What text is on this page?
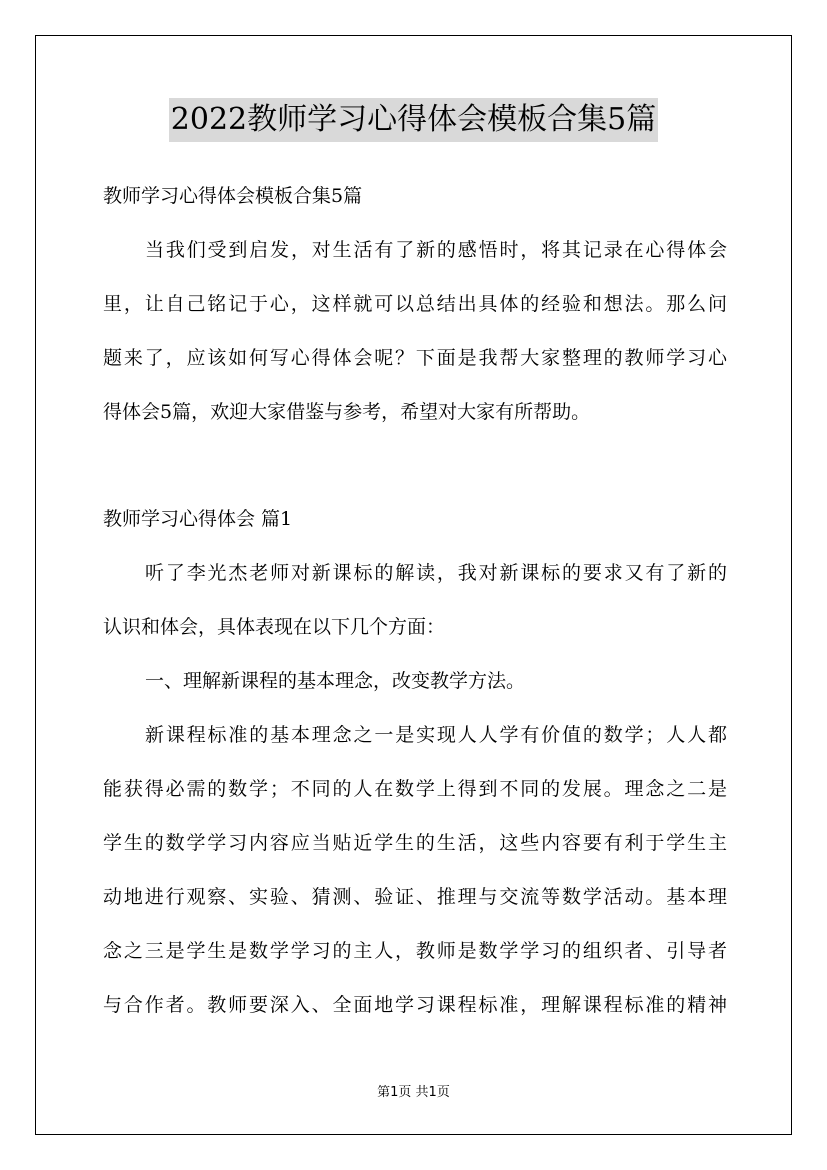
2022教师学习心得体会模板合集5篇
教师学习心得体会模板合集5篇
当我们受到启发，对生活有了新的感悟时，将其记录在心得体会
里，让自己铭记于心，这样就可以总结出具体的经验和想法。那么问
题来了，应该如何写心得体会呢？下面是我帮大家整理的教师学习心
得体会5篇，欢迎大家借鉴与参考，希望对大家有所帮助。
教师学习心得体会 篇1
听了李光杰老师对新课标的解读，我对新课标的要求又有了新的
认识和体会，具体表现在以下几个方面：
一、理解新课程的基本理念，改变教学方法。
新课程标准的基本理念之一是实现人人学有价值的数学；人人都
能获得必需的数学；不同的人在数学上得到不同的发展。理念之二是
学生的数学学习内容应当贴近学生的生活，这些内容要有利于学生主
动地进行观察、实验、猜测、验证、推理与交流等数学活动。基本理
念之三是学生是数学学习的主人，教师是数学学习的组织者、引导者
与合作者。教师要深入、全面地学习课程标准，理解课程标准的精神
第1页 共1页
